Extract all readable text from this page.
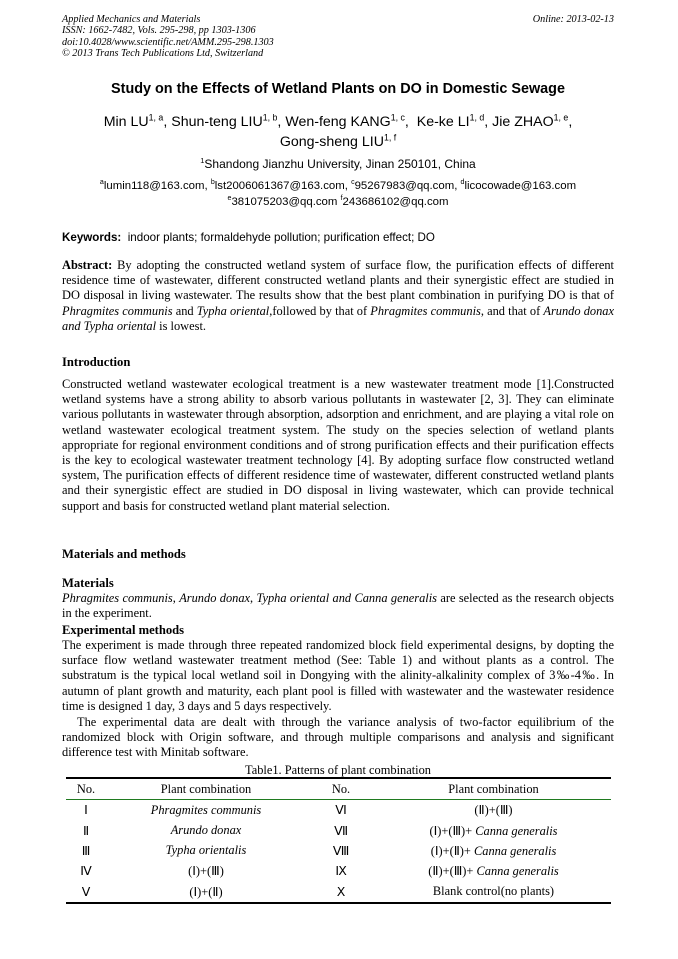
Applied Mechanics and Materials
ISSN: 1662-7482, Vols. 295-298, pp 1303-1306
doi:10.4028/www.scientific.net/AMM.295-298.1303
© 2013 Trans Tech Publications Ltd, Switzerland
Online: 2013-02-13
Study on the Effects of Wetland Plants on DO in Domestic Sewage
Min LU$^{1, a}$, Shun-teng LIU$^{1, b}$, Wen-feng KANG$^{1, c}$,  Ke-ke LI$^{1, d}$, Jie ZHAO$^{1, e}$,
Gong-sheng LIU$^{1, f}$
$^1$Shandong Jianzhu University, Jinan 250101, China
$^a$lumin118@163.com, $^b$lst2006061367@163.com, $^c$95267983@qq.com, $^d$licocowade@163.com
$^e$381075203@qq.com $^f$243686102@qq.com
Keywords: indoor plants; formaldehyde pollution; purification effect; DO
Abstract: By adopting the constructed wetland system of surface flow, the purification effects of different residence time of wastewater, different constructed wetland plants and their synergistic effect are studied in DO disposal in living wastewater. The results show that the best plant combination in purifying DO is that of Phragmites communis and Typha oriental,followed by that of Phragmites communis, and that of Arundo donax and Typha oriental is lowest.
Introduction
Constructed wetland wastewater ecological treatment is a new wastewater treatment mode [1].Constructed wetland systems have a strong ability to absorb various pollutants in wastewater [2, 3]. They can eliminate various pollutants in wastewater through absorption, adsorption and enrichment, and are playing a vital role on wetland wastewater ecological treatment system. The study on the species selection of wetland plants appropriate for regional environment conditions and of strong purification effects and their purification effects is the key to ecological wastewater treatment technology [4]. By adopting surface flow constructed wetland system, The purification effects of different residence time of wastewater, different constructed wetland plants and their synergistic effect are studied in DO disposal in living wastewater, which can provide technical support and basis for constructed wetland plant material selection.
Materials and methods
Materials
Phragmites communis, Arundo donax, Typha oriental and Canna generalis are selected as the research objects in the experiment.
Experimental methods
The experiment is made through three repeated randomized block field experimental designs, by dopting the surface flow wetland wastewater treatment method (See: Table 1) and without plants as a control. The substratum is the typical local wetland soil in Dongying with the alinity-alkalinity complex of 3‰-4‰. In autumn of plant growth and maturity, each plant pool is filled with wastewater and the wastewater residence time is designed 1 day, 3 days and 5 days respectively.
The experimental data are dealt with through the variance analysis of two-factor equilibrium of the randomized block with Origin software, and through multiple comparisons and analysis and significant difference test with Minitab software.
Table1. Patterns of plant combination
No.	Plant combination	No.	Plant combination
Ⅰ	Phragmites communis	Ⅵ	(Ⅱ)+(Ⅲ)
Ⅱ	Arundo donax	Ⅶ	(Ⅰ)+(Ⅲ)+ Canna generalis
Ⅲ	Typha orientalis	Ⅷ	(Ⅰ)+(Ⅱ)+ Canna generalis
Ⅳ	(Ⅰ)+(Ⅲ)	Ⅸ	(Ⅱ)+(Ⅲ)+ Canna generalis
Ⅴ	(Ⅰ)+(Ⅱ)	Ⅹ	Blank control(no plants)
